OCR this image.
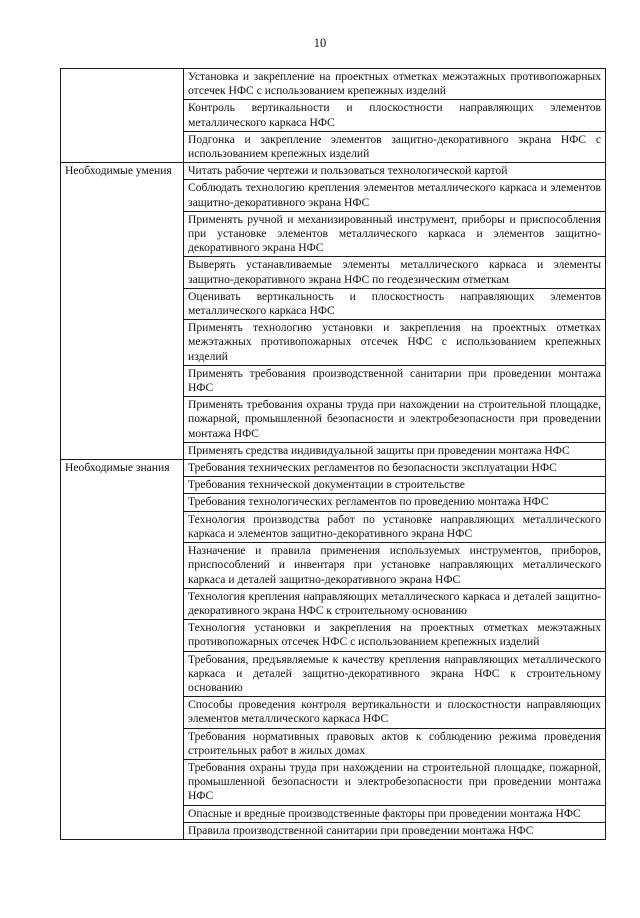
10
	Установка и закрепление на проектных отметках межэтажных противопожарных отсечек НФС с использованием крепежных изделий
	Контроль вертикальности и плоскостности направляющих элементов металлического каркаса НФС
	Подгонка и закрепление элементов защитно-декоративного экрана НФС с использованием крепежных изделий
Необходимые умения	Читать рабочие чертежи и пользоваться технологической картой
	Соблюдать технологию крепления элементов металлического каркаса и элементов защитно-декоративного экрана НФС
	Применять ручной и механизированный инструмент, приборы и приспособления при установке элементов металлического каркаса и элементов защитно-декоративного экрана НФС
	Выверять устанавливаемые элементы металлического каркаса и элементы защитно-декоративного экрана НФС по геодезическим отметкам
	Оценивать вертикальность и плоскостность направляющих элементов металлического каркаса НФС
	Применять технологию установки и закрепления на проектных отметках межэтажных противопожарных отсечек НФС с использованием крепежных изделий
	Применять требования производственной санитарии при проведении монтажа НФС
	Применять требования охраны труда при нахождении на строительной площадке, пожарной, промышленной безопасности и электробезопасности при проведении монтажа НФС
	Применять средства индивидуальной защиты при проведении монтажа НФС
Необходимые знания	Требования технических регламентов по безопасности эксплуатации НФС
	Требования технической документации в строительстве
	Требования технологических регламентов по проведению монтажа НФС
	Технология производства работ по установке направляющих металлического каркаса и элементов защитно-декоративного экрана НФС
	Назначение и правила применения используемых инструментов, приборов, приспособлений и инвентаря при установке направляющих металлического каркаса и деталей защитно-декоративного экрана НФС
	Технология крепления направляющих металлического каркаса и деталей защитно-декоративного экрана НФС к строительному основанию
	Технология установки и закрепления на проектных отметках межэтажных противопожарных отсечек НФС с использованием крепежных изделий
	Требования, предъявляемые к качеству крепления направляющих металлического каркаса и деталей защитно-декоративного экрана НФС к строительному основанию
	Способы проведения контроля вертикальности и плоскостности направляющих элементов металлического каркаса НФС
	Требования нормативных правовых актов к соблюдению режима проведения строительных работ в жилых домах
	Требования охраны труда при нахождении на строительной площадке, пожарной, промышленной безопасности и электробезопасности при проведении монтажа НФС
	Опасные и вредные производственные факторы при проведении монтажа НФС
	Правила производственной санитарии при проведении монтажа НФС
